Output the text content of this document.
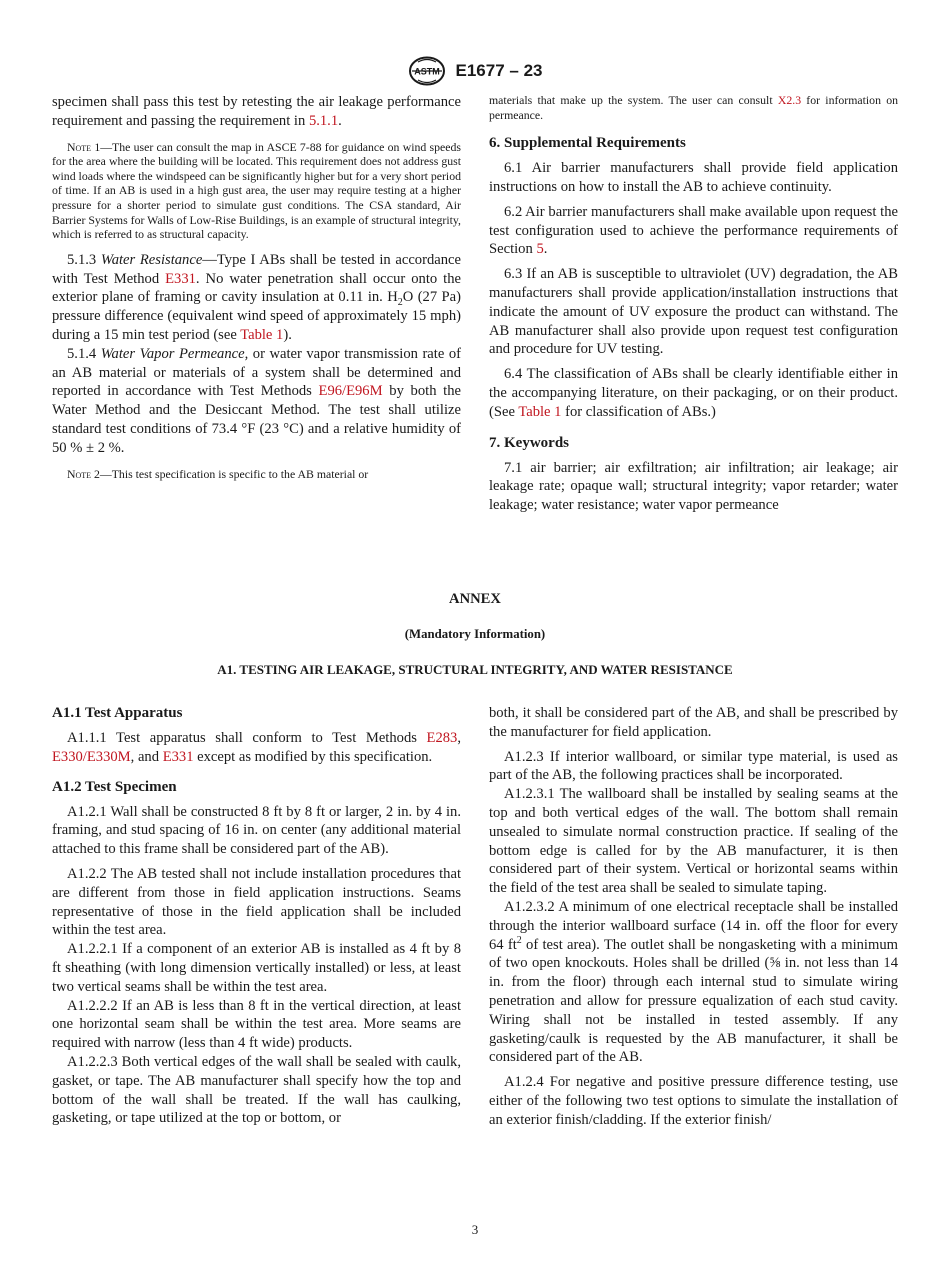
ASTM E1677 – 23

specimen shall pass this test by retesting the air leakage performance requirement and passing the requirement in 5.1.1.

Note 1—The user can consult the map in ASCE 7-88 for guidance on wind speeds for the area where the building will be located. This requirement does not address gust wind loads where the windspeed can be significantly higher but for a very short period of time. If an AB is used in a high gust area, the user may require testing at a higher pressure for a shorter period to simulate gust conditions. The CSA standard, Air Barrier Systems for Walls of Low-Rise Buildings, is an example of structural integrity, which is referred to as structural capacity.

5.1.3 Water Resistance—Type I ABs shall be tested in accordance with Test Method E331. No water penetration shall occur onto the exterior plane of framing or cavity insulation at 0.11 in. $H_2O$ (27 Pa) pressure difference (equivalent wind speed of approximately 15 mph) during a 15 min test period (see Table 1).

5.1.4 Water Vapor Permeance, or water vapor transmission rate of an AB material or materials of a system shall be determined and reported in accordance with Test Methods E96/E96M by both the Water Method and the Desiccant Method. The test shall utilize standard test conditions of 73.4 °F (23 °C) and a relative humidity of 50 % ± 2 %.

Note 2—This test specification is specific to the AB material or

materials that make up the system. The user can consult X2.3 for information on permeance.

6. Supplemental Requirements

6.1 Air barrier manufacturers shall provide field application instructions on how to install the AB to achieve continuity.

6.2 Air barrier manufacturers shall make available upon request the test configuration used to achieve the performance requirements of Section 5.

6.3 If an AB is susceptible to ultraviolet (UV) degradation, the AB manufacturers shall provide application/installation instructions that indicate the amount of UV exposure the product can withstand. The AB manufacturer shall also provide upon request test configuration and procedure for UV testing.

6.4 The classification of ABs shall be clearly identifiable either in the accompanying literature, on their packaging, or on their product. (See Table 1 for classification of ABs.)

7. Keywords

7.1 air barrier; air exfiltration; air infiltration; air leakage; air leakage rate; opaque wall; structural integrity; vapor retarder; water leakage; water resistance; water vapor permeance

ANNEX
(Mandatory Information)
A1. TESTING AIR LEAKAGE, STRUCTURAL INTEGRITY, AND WATER RESISTANCE
A1.1 Test Apparatus

A1.1.1 Test apparatus shall conform to Test Methods E283, E330/E330M, and E331 except as modified by this specification.

A1.2 Test Specimen

A1.2.1 Wall shall be constructed 8 ft by 8 ft or larger, 2 in. by 4 in. framing, and stud spacing of 16 in. on center (any additional material attached to this frame shall be considered part of the AB).

A1.2.2 The AB tested shall not include installation procedures that are different from those in field application instructions. Seams representative of those in the field application shall be included within the test area.

A1.2.2.1 If a component of an exterior AB is installed as 4 ft by 8 ft sheathing (with long dimension vertically installed) or less, at least two vertical seams shall be within the test area.

A1.2.2.2 If an AB is less than 8 ft in the vertical direction, at least one horizontal seam shall be within the test area. More seams are required with narrow (less than 4 ft wide) products.

A1.2.2.3 Both vertical edges of the wall shall be sealed with caulk, gasket, or tape. The AB manufacturer shall specify how the top and bottom of the wall shall be treated. If the wall has caulking, gasketing, or tape utilized at the top or bottom, or

both, it shall be considered part of the AB, and shall be prescribed by the manufacturer for field application.

A1.2.3 If interior wallboard, or similar type material, is used as part of the AB, the following practices shall be incorporated.

A1.2.3.1 The wallboard shall be installed by sealing seams at the top and both vertical edges of the wall. The bottom shall remain unsealed to simulate normal construction practice. If sealing of the bottom edge is called for by the AB manufacturer, it is then considered part of their system. Vertical or horizontal seams within the field of the test area shall be sealed to simulate taping.

A1.2.3.2 A minimum of one electrical receptacle shall be installed through the interior wallboard surface (14 in. off the floor for every 64 $ft^2$ of test area). The outlet shall be nongasketing with a minimum of two open knockouts. Holes shall be drilled (⅝ in. not less than 14 in. from the floor) through each internal stud to simulate wiring penetration and allow for pressure equalization of each stud cavity. Wiring shall not be installed in tested assembly. If any gasketing/caulk is requested by the AB manufacturer, it shall be considered part of the AB.

A1.2.4 For negative and positive pressure difference testing, use either of the following two test options to simulate the installation of an exterior finish/cladding. If the exterior finish/

3
